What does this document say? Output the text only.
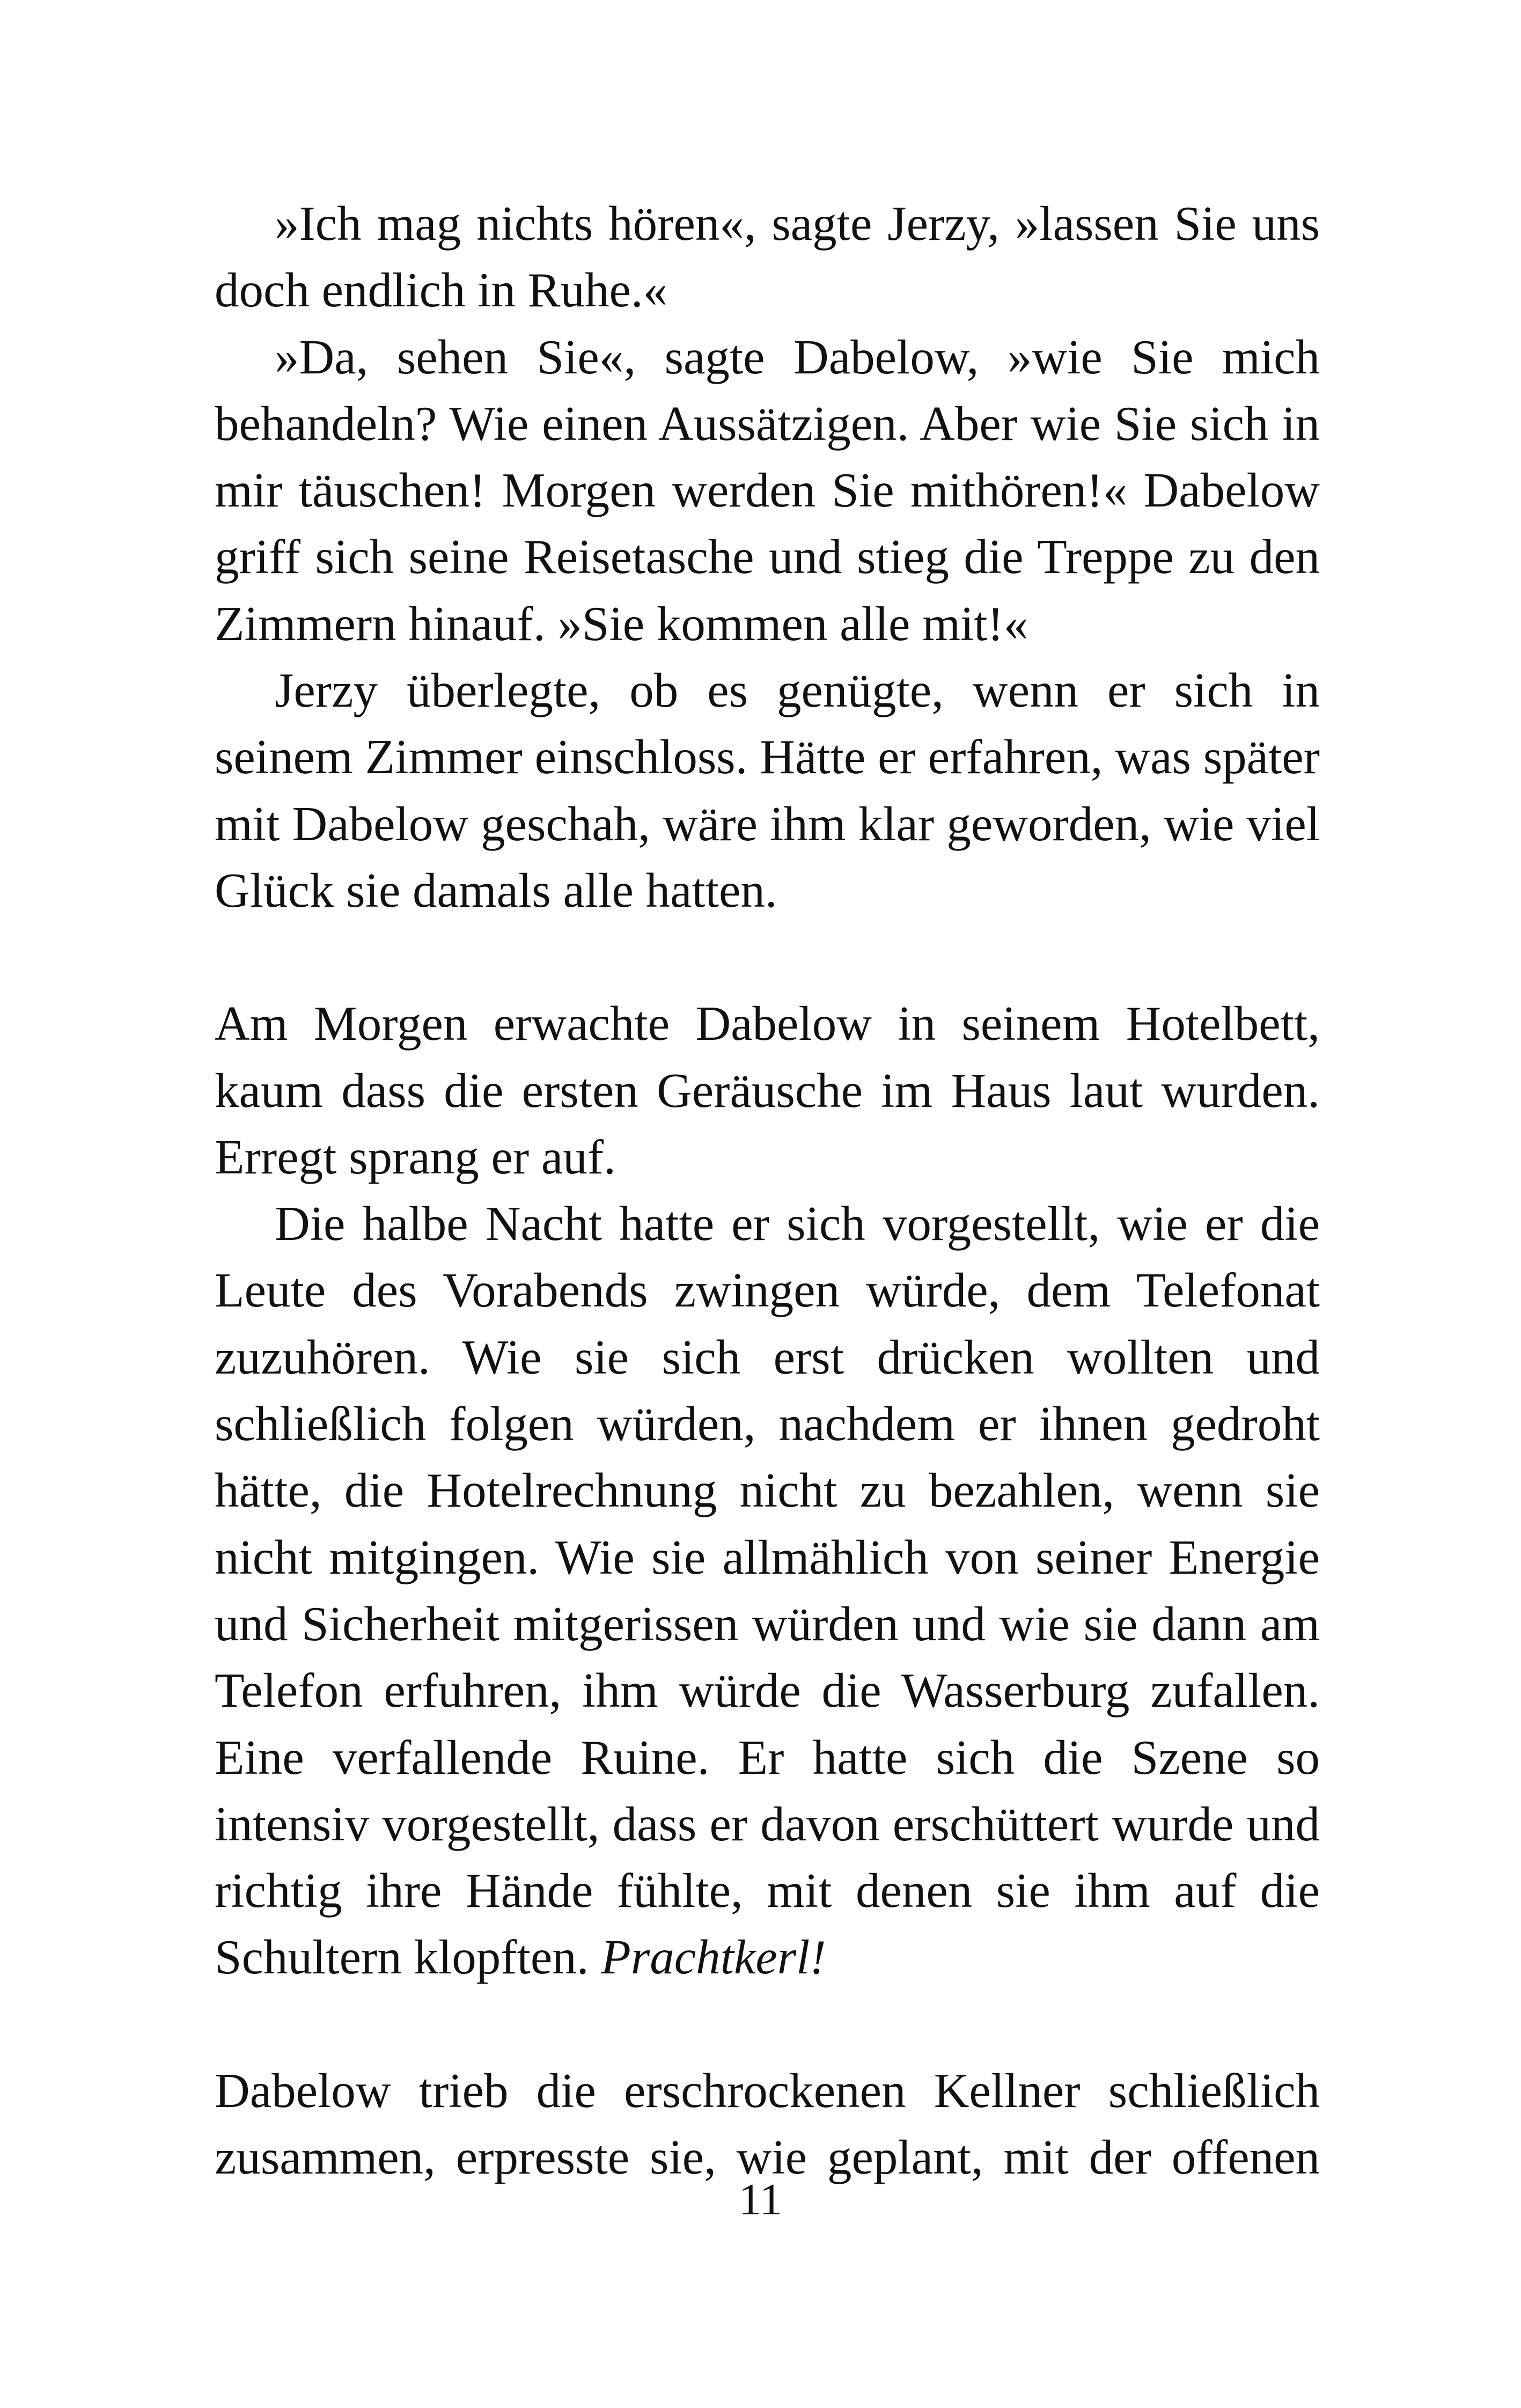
»Ich mag nichts hören«, sagte Jerzy, »lassen Sie uns doch endlich in Ruhe.«

»Da, sehen Sie«, sagte Dabelow, »wie Sie mich behandeln? Wie einen Aussätzigen. Aber wie Sie sich in mir täuschen! Morgen werden Sie mithören!« Dabelow griff sich seine Reisetasche und stieg die Treppe zu den Zimmern hinauf. »Sie kommen alle mit!«

Jerzy überlegte, ob es genügte, wenn er sich in seinem Zimmer einschloss. Hätte er erfahren, was später mit Dabelow geschah, wäre ihm klar geworden, wie viel Glück sie damals alle hatten.

Am Morgen erwachte Dabelow in seinem Hotelbett, kaum dass die ersten Geräusche im Haus laut wurden. Erregt sprang er auf.

Die halbe Nacht hatte er sich vorgestellt, wie er die Leute des Vorabends zwingen würde, dem Telefonat zuzuhören. Wie sie sich erst drücken wollten und schließlich folgen würden, nachdem er ihnen gedroht hätte, die Hotelrechnung nicht zu bezahlen, wenn sie nicht mitgingen. Wie sie allmählich von seiner Energie und Sicherheit mitgerissen würden und wie sie dann am Telefon erfuhren, ihm würde die Wasserburg zufallen. Eine verfallende Ruine. Er hatte sich die Szene so intensiv vorgestellt, dass er davon erschüttert wurde und richtig ihre Hände fühlte, mit denen sie ihm auf die Schultern klopften. Prachtkerl!

Dabelow trieb die erschrockenen Kellner schließlich zusammen, erpresste sie, wie geplant, mit der offenen

11
